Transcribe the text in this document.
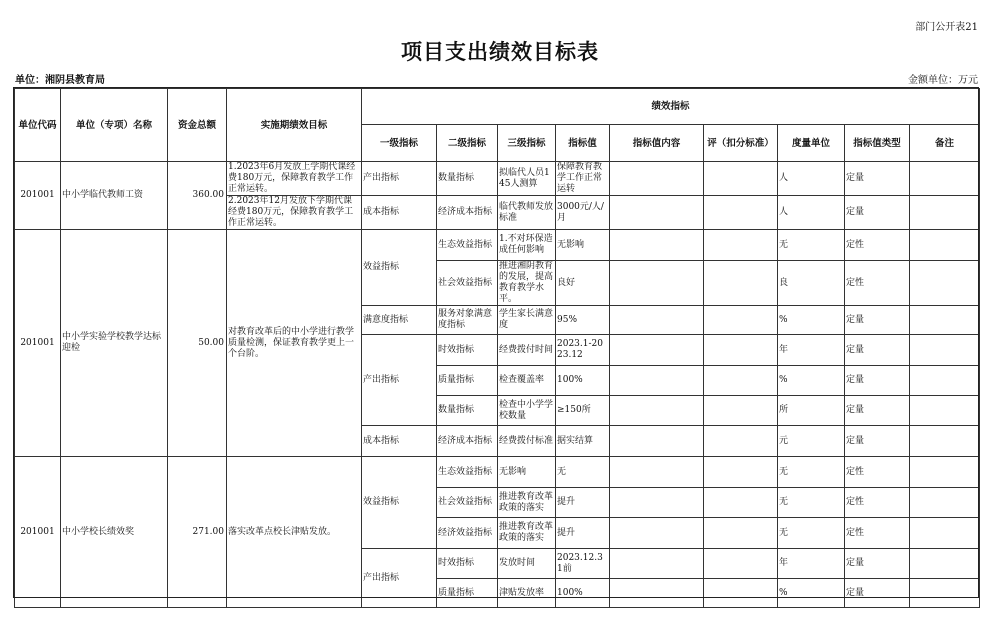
部门公开表21
项目支出绩效目标表
单位：湘阴县教育局	金额单位：万元
单位代码	单位（专项）名称	资金总额	实施期绩效目标	绩效指标								
				一级指标	二级指标	三级指标	指标值	指标值内容	评（扣分标准）	度量单位	指标值类型	备注
201001	中小学临代教师工资	360.00	1.2023年6月发放上学期代课经费180万元，保障教育教学工作正常运转。	产出指标	数量指标	拟临代人员145人测算	保障教育教学工作正常运转			人	定量	
			2.2023年12月发放下学期代课经费180万元，保障教育教学工作正常运转。	成本指标	经济成本指标	临代教师发放标准	3000元/人/月			人	定量	
201001	中小学实验学校教学达标迎检	50.00	对教育改革后的中小学进行教学质量检测，保证教育教学更上一个台阶。	效益指标	生态效益指标	1.不对环保造成任何影响	无影响			无	定性	
					社会效益指标	推进湘阴教育的发展，提高教育教学水平。	良好			良	定性	
				满意度指标	服务对象满意度指标	学生家长满意度	95%			%	定量	
				产出指标	时效指标	经费拨付时间	2023.1-2023.12			年	定量	
					质量指标	检查覆盖率	100%			%	定量	
					数量指标	检查中小学学校数量	≥150所			所	定量	
				成本指标	经济成本指标	经费拨付标准	据实结算			元	定量	
201001	中小学校长绩效奖	271.00	落实改革点校长津贴发放。	效益指标	生态效益指标	无影响	无			无	定性	
					社会效益指标	推进教育改革政策的落实	提升			无	定性	
					经济效益指标	推进教育改革政策的落实	提升			无	定性	
				产出指标	时效指标	发放时间	2023.12.31前			年	定量	
					质量指标	津贴发放率	100%			%	定量	
